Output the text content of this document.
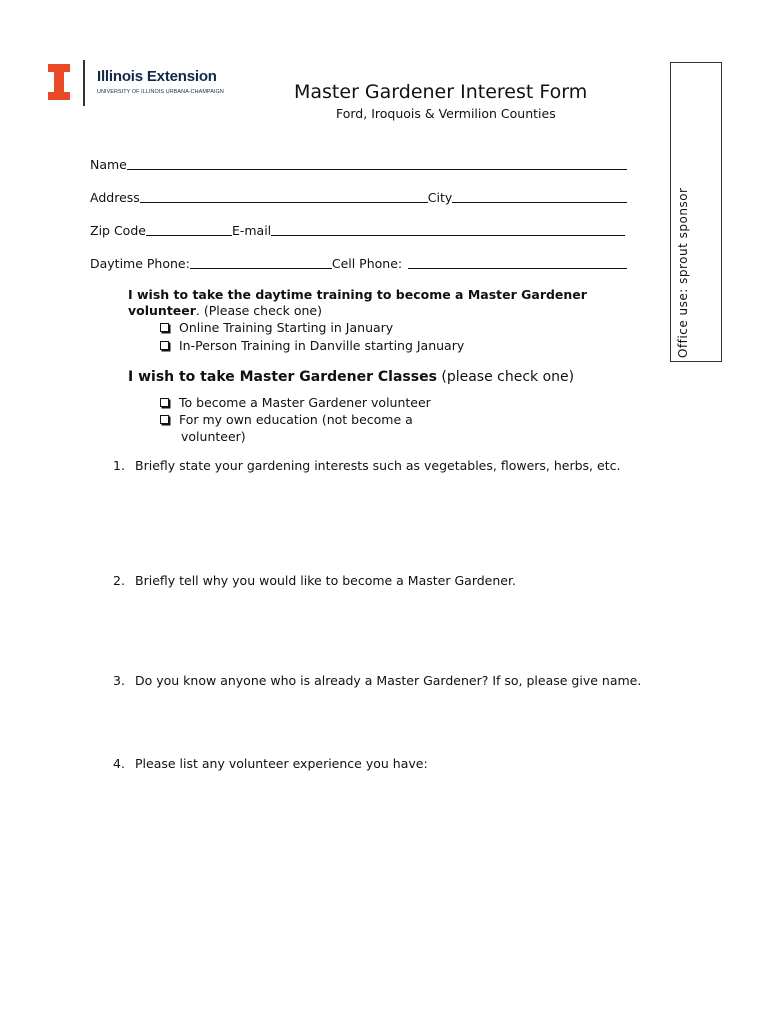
Illinois Extension
UNIVERSITY OF ILLINOIS URBANA-CHAMPAIGN	Master Gardener Interest Form
Ford, Iroquois & Vermilion Counties
Office use: sprout sponsor
Name
Address	City
Zip Code	E-mail
Daytime Phone:	Cell Phone:
I wish to take the daytime training to become a Master Gardener
volunteer. (Please check one)
Online Training Starting in January
In-Person Training in Danville starting January
I wish to take Master Gardener Classes (please check one)
To become a Master Gardener volunteer
For my own education (not become a
volunteer)
1. Briefly state your gardening interests such as vegetables, flowers, herbs, etc.
2. Briefly tell why you would like to become a Master Gardener.
3. Do you know anyone who is already a Master Gardener? If so, please give name.
4. Please list any volunteer experience you have:
